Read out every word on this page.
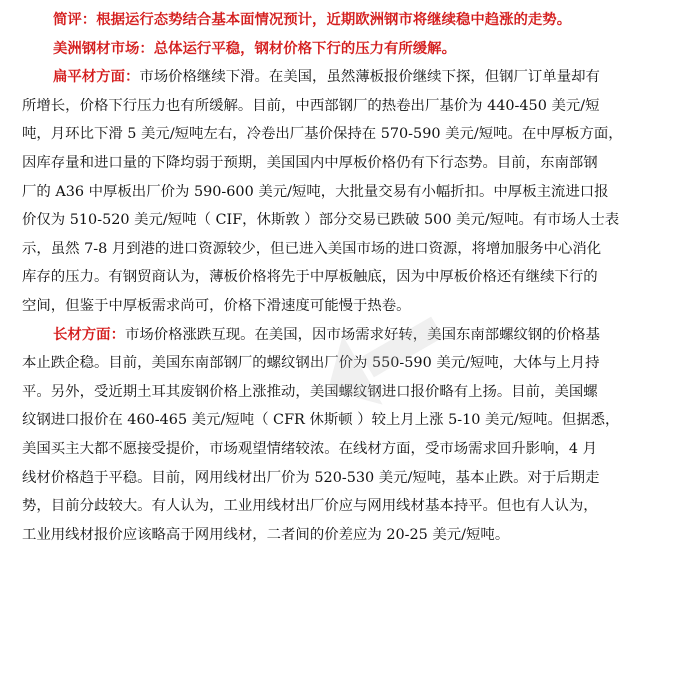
简评：根据运行态势结合基本面情况预计，近期欧洲钢市将继续稳中趋涨的走势。

美洲钢材市场：总体运行平稳，钢材价格下行的压力有所缓解。

扁平材方面：市场价格继续下滑。在美国，虽然薄板报价继续下探，但钢厂订单量却有
所增长，价格下行压力也有所缓解。目前，中西部钢厂的热卷出厂基价为 440-450 美元/短
吨，月环比下滑 5 美元/短吨左右，冷卷出厂基价保持在 570-590 美元/短吨。在中厚板方面，
因库存量和进口量的下降均弱于预期，美国国内中厚板价格仍有下行态势。目前，东南部钢
厂的 A36 中厚板出厂价为 590-600 美元/短吨，大批量交易有小幅折扣。中厚板主流进口报
价仅为 510-520 美元/短吨（ CIF，休斯敦 ）部分交易已跌破 500 美元/短吨。有市场人士表
示，虽然 7-8 月到港的进口资源较少，但已进入美国市场的进口资源，将增加服务中心消化
库存的压力。有钢贸商认为，薄板价格将先于中厚板触底，因为中厚板价格还有继续下行的
空间，但鉴于中厚板需求尚可，价格下滑速度可能慢于热卷。
长材方面：市场价格涨跌互现。在美国，因市场需求好转，美国东南部螺纹钢的价格基
本止跌企稳。目前，美国东南部钢厂的螺纹钢出厂价为 550-590 美元/短吨，大体与上月持
平。另外，受近期土耳其废钢价格上涨推动，美国螺纹钢进口报价略有上扬。目前，美国螺
纹钢进口报价在 460-465 美元/短吨（ CFR 休斯顿 ）较上月上涨 5-10 美元/短吨。但据悉，
美国买主大都不愿接受提价，市场观望情绪较浓。在线材方面，受市场需求回升影响，4 月
线材价格趋于平稳。目前，网用线材出厂价为 520-530 美元/短吨，基本止跌。对于后期走
势，目前分歧较大。有人认为，工业用线材出厂价应与网用线材基本持平。但也有人认为，
工业用线材报价应该略高于网用线材，二者间的价差应为 20-25 美元/短吨。
